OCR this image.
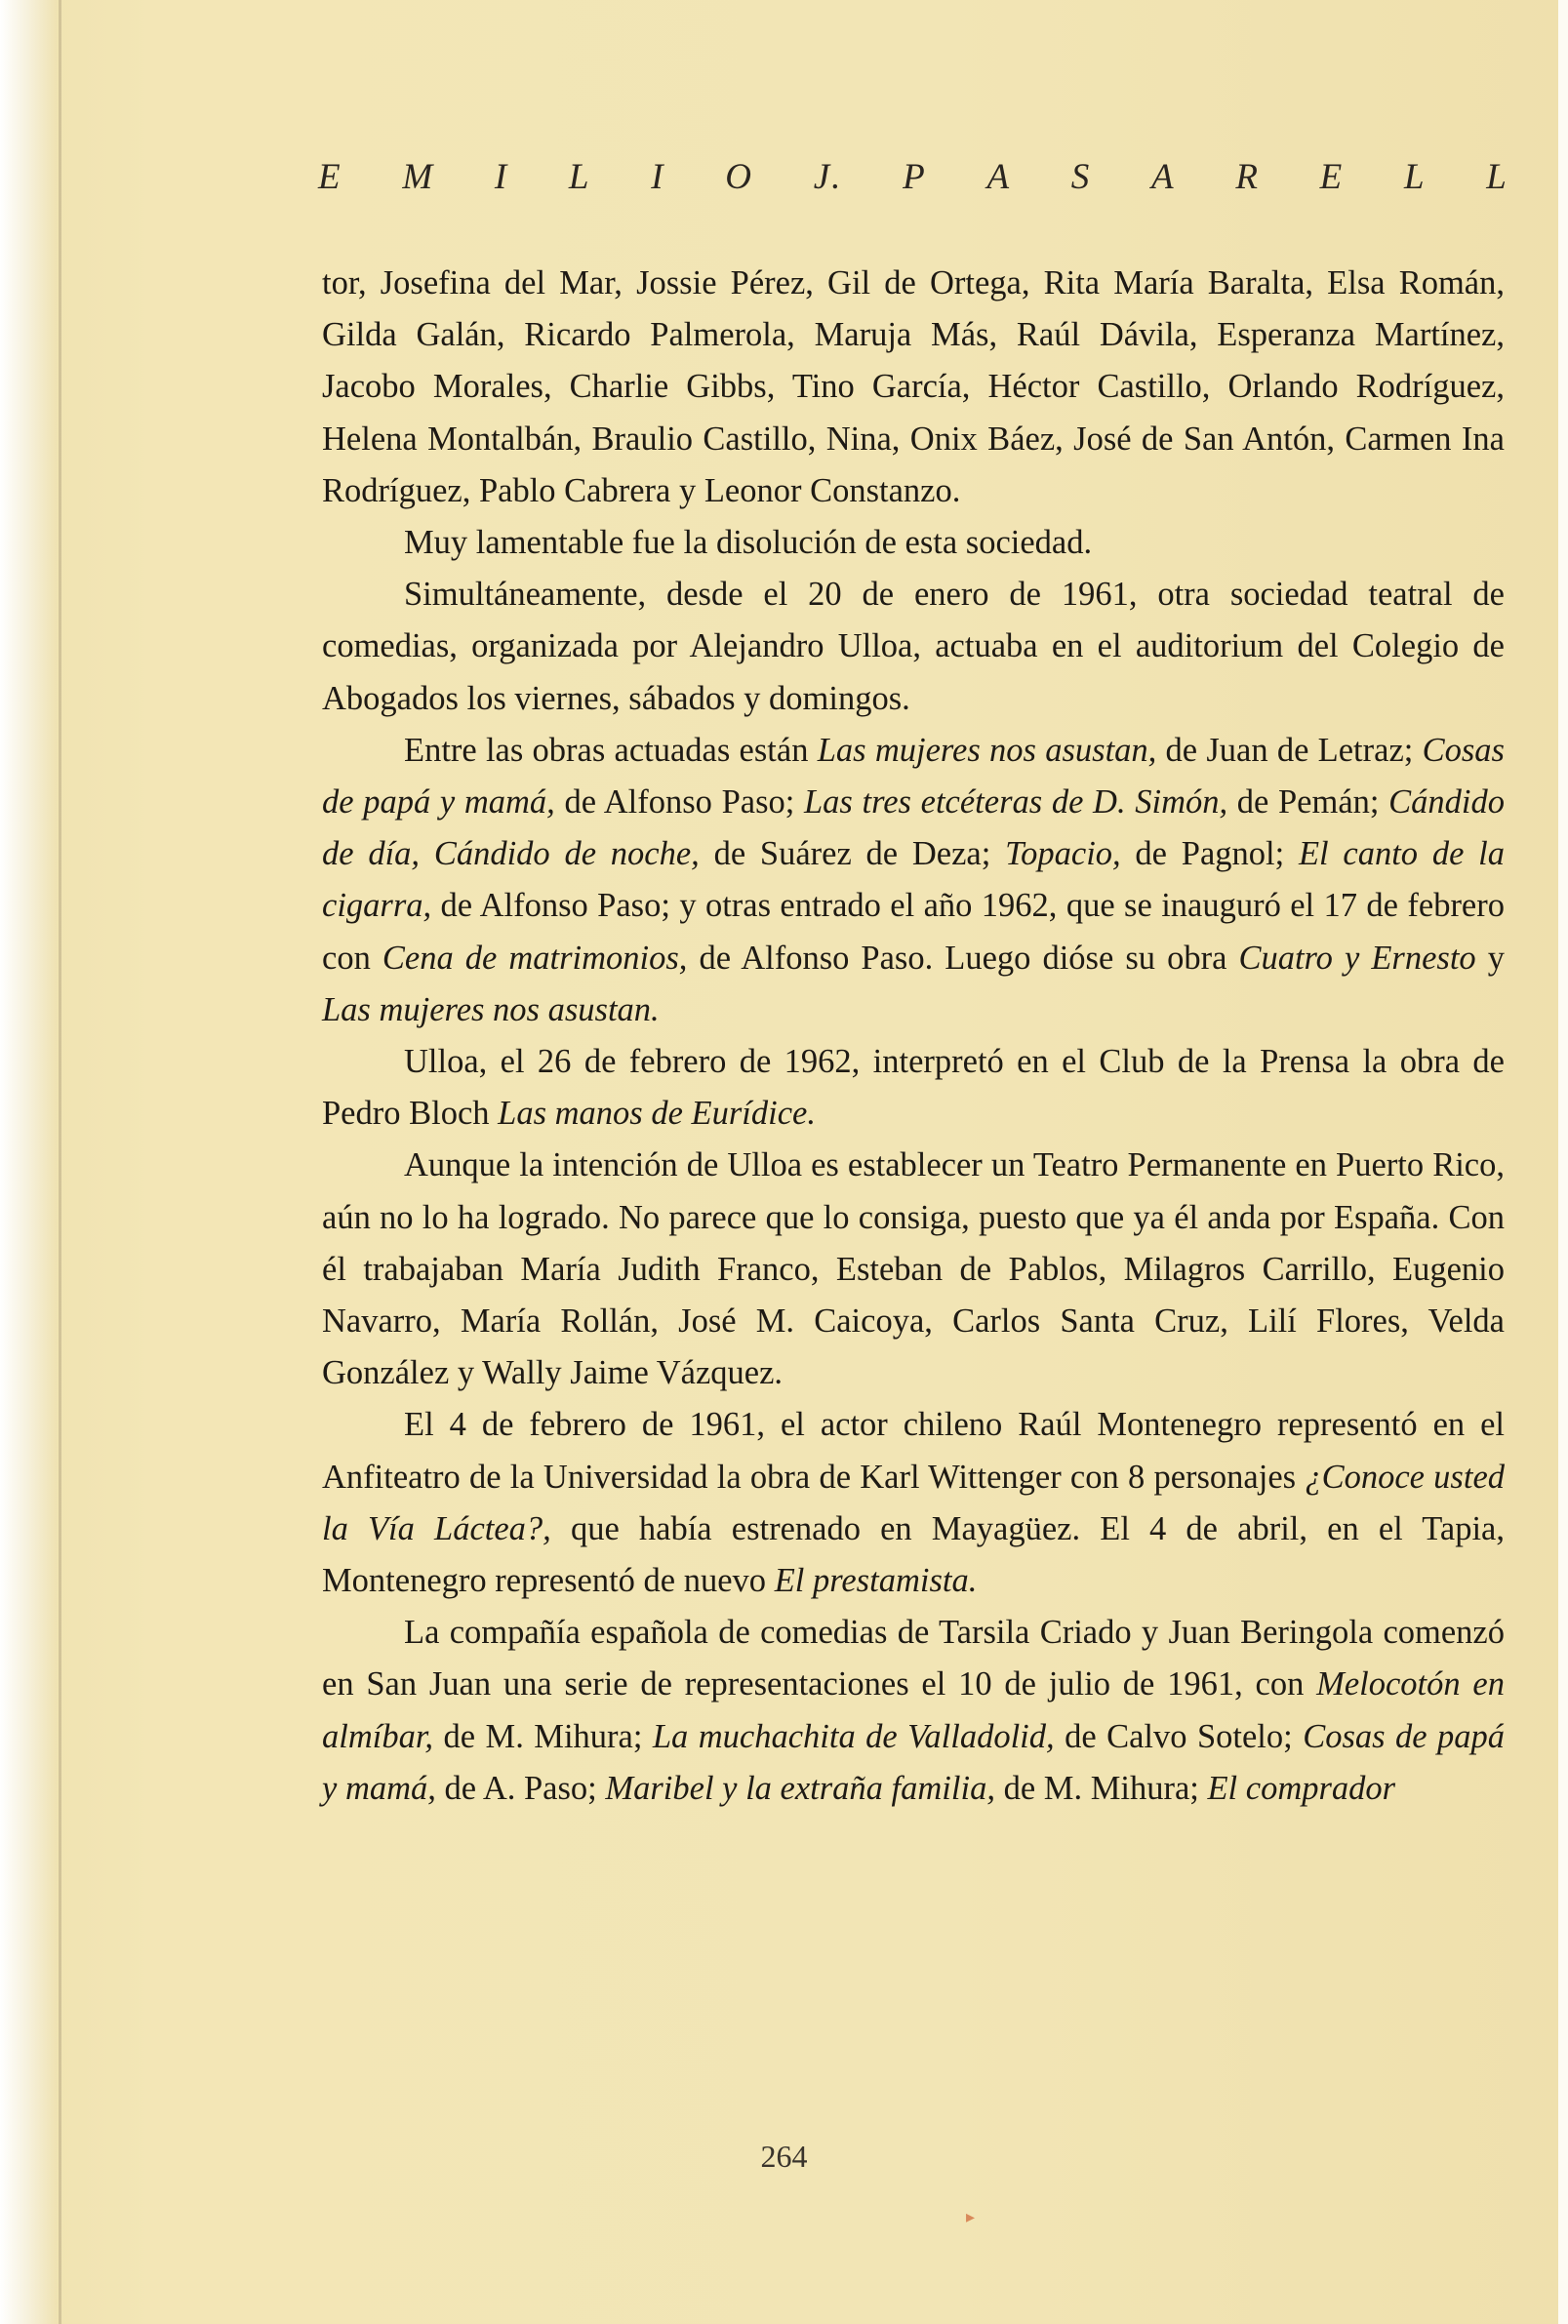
E M I L I O J. P A S A R E L L

tor, Josefina del Mar, Jossie Pérez, Gil de Ortega, Rita María Baralta, Elsa Román, Gilda Galán, Ricardo Palmerola, Maruja Más, Raúl Dávila, Esperanza Martínez, Jacobo Morales, Charlie Gibbs, Tino García, Héctor Castillo, Orlando Rodríguez, Helena Montalbán, Braulio Castillo, Nina, Onix Báez, José de San Antón, Carmen Ina Rodríguez, Pablo Cabrera y Leonor Constanzo.

Muy lamentable fue la disolución de esta sociedad.

Simultáneamente, desde el 20 de enero de 1961, otra sociedad teatral de comedias, organizada por Alejandro Ulloa, actuaba en el auditorium del Colegio de Abogados los viernes, sábados y domingos.

Entre las obras actuadas están Las mujeres nos asustan, de Juan de Letraz; Cosas de papá y mamá, de Alfonso Paso; Las tres etcéteras de D. Simón, de Pemán; Cándido de día, Cándido de noche, de Suárez de Deza; Topacio, de Pagnol; El canto de la cigarra, de Alfonso Paso; y otras entrado el año 1962, que se inauguró el 17 de febrero con Cena de matrimonios, de Alfonso Paso. Luego dióse su obra Cuatro y Ernesto y Las mujeres nos asustan.

Ulloa, el 26 de febrero de 1962, interpretó en el Club de la Prensa la obra de Pedro Bloch Las manos de Eurídice.

Aunque la intención de Ulloa es establecer un Teatro Permanente en Puerto Rico, aún no lo ha logrado. No parece que lo consiga, puesto que ya él anda por España. Con él trabajaban María Judith Franco, Esteban de Pablos, Milagros Carrillo, Eugenio Navarro, María Rollán, José M. Caicoya, Carlos Santa Cruz, Lilí Flores, Velda González y Wally Jaime Vázquez.

El 4 de febrero de 1961, el actor chileno Raúl Montenegro representó en el Anfiteatro de la Universidad la obra de Karl Wittenger con 8 personajes ¿Conoce usted la Vía Láctea?, que había estrenado en Mayagüez. El 4 de abril, en el Tapia, Montenegro representó de nuevo El prestamista.

La compañía española de comedias de Tarsila Criado y Juan Beringola comenzó en San Juan una serie de representaciones el 10 de julio de 1961, con Melocotón en almíbar, de M. Mihura; La muchachita de Valladolid, de Calvo Sotelo; Cosas de papá y mamá, de A. Paso; Maribel y la extraña familia, de M. Mihura; El comprador

264
▸
